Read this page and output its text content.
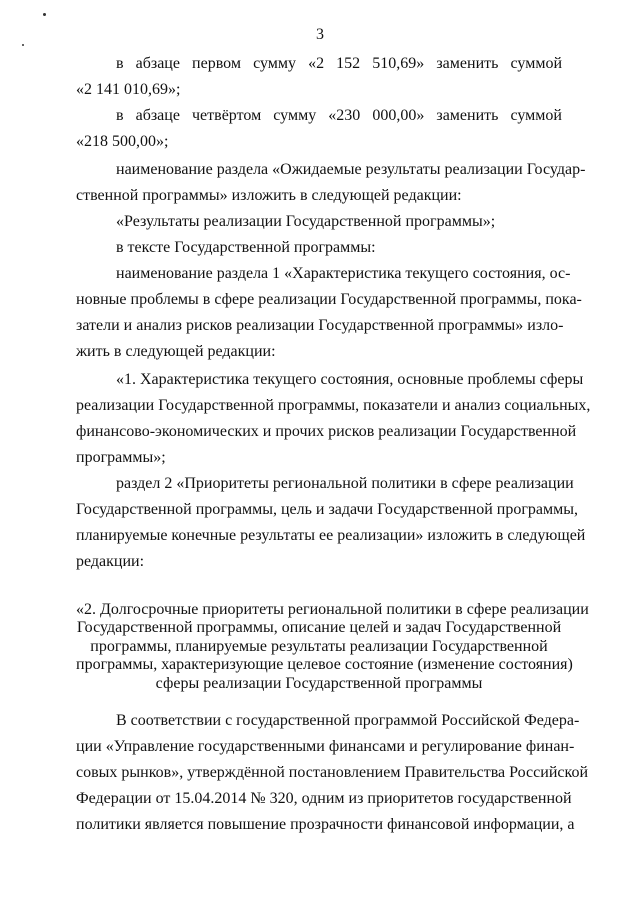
3
в абзаце первом сумму «2 152 510,69» заменить суммой
«2 141 010,69»;
в абзаце четвёртом сумму «230 000,00» заменить суммой
«218 500,00»;
наименование раздела «Ожидаемые результаты реализации Государ-
ственной программы» изложить в следующей редакции:
«Результаты реализации Государственной программы»;
в тексте Государственной программы:
наименование раздела 1 «Характеристика текущего состояния, ос-
новные проблемы в сфере реализации Государственной программы, пока-
затели и анализ рисков реализации Государственной программы» изло-
жить в следующей редакции:
«1. Характеристика текущего состояния, основные проблемы сферы
реализации Государственной программы, показатели и анализ социальных,
финансово-экономических и прочих рисков реализации Государственной
программы»;
раздел 2 «Приоритеты региональной политики в сфере реализации
Государственной программы, цель и задачи Государственной программы,
планируемые конечные результаты ее реализации» изложить в следующей
редакции:
«2. Долгосрочные приоритеты региональной политики в сфере реализации
Государственной программы, описание целей и задач Государственной
программы, планируемые результаты реализации Государственной
программы, характеризующие целевое состояние (изменение состояния)
сферы реализации Государственной программы
В соответствии с государственной программой Российской Федера-
ции «Управление государственными финансами и регулирование финан-
совых рынков», утверждённой постановлением Правительства Российской
Федерации от 15.04.2014 № 320, одним из приоритетов государственной
политики является повышение прозрачности финансовой информации, а
